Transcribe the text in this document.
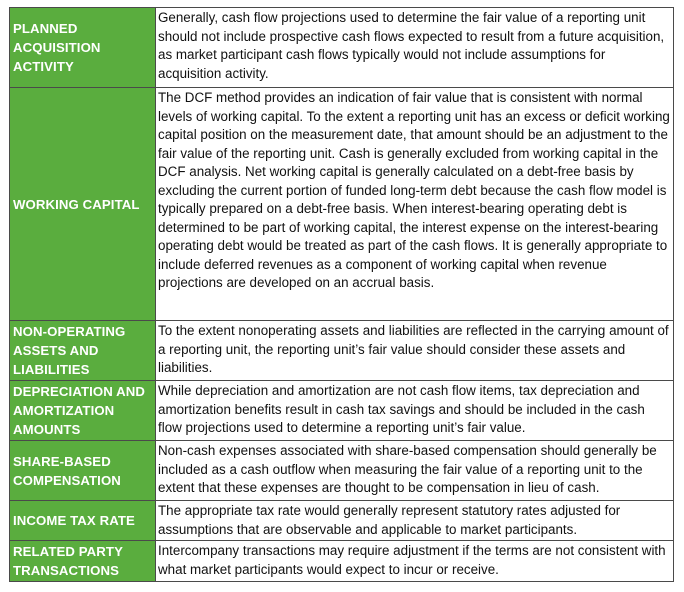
PLANNED ACQUISITION ACTIVITY	Generally, cash flow projections used to determine the fair value of a reporting unit should not include prospective cash flows expected to result from a future acquisition, as market participant cash flows typically would not include assumptions for acquisition activity.
WORKING CAPITAL	The DCF method provides an indication of fair value that is consistent with normal levels of working capital. To the extent a reporting unit has an excess or deficit working capital position on the measurement date, that amount should be an adjustment to the fair value of the reporting unit. Cash is generally excluded from working capital in the DCF analysis. Net working capital is generally calculated on a debt-free basis by excluding the current portion of funded long-term debt because the cash flow model is typically prepared on a debt-free basis. When interest-bearing operating debt is determined to be part of working capital, the interest expense on the interest-bearing operating debt would be treated as part of the cash flows. It is generally appropriate to include deferred revenues as a component of working capital when revenue projections are developed on an accrual basis.
NON-OPERATING ASSETS AND LIABILITIES	To the extent nonoperating assets and liabilities are reflected in the carrying amount of a reporting unit, the reporting unit’s fair value should consider these assets and liabilities.
DEPRECIATION AND AMORTIZATION AMOUNTS	While depreciation and amortization are not cash flow items, tax depreciation and amortization benefits result in cash tax savings and should be included in the cash flow projections used to determine a reporting unit’s fair value.
SHARE-BASED COMPENSATION	Non-cash expenses associated with share-based compensation should generally be included as a cash outflow when measuring the fair value of a reporting unit to the extent that these expenses are thought to be compensation in lieu of cash.
INCOME TAX RATE	The appropriate tax rate would generally represent statutory rates adjusted for assumptions that are observable and applicable to market participants.
RELATED PARTY TRANSACTIONS	Intercompany transactions may require adjustment if the terms are not consistent with what market participants would expect to incur or receive.
